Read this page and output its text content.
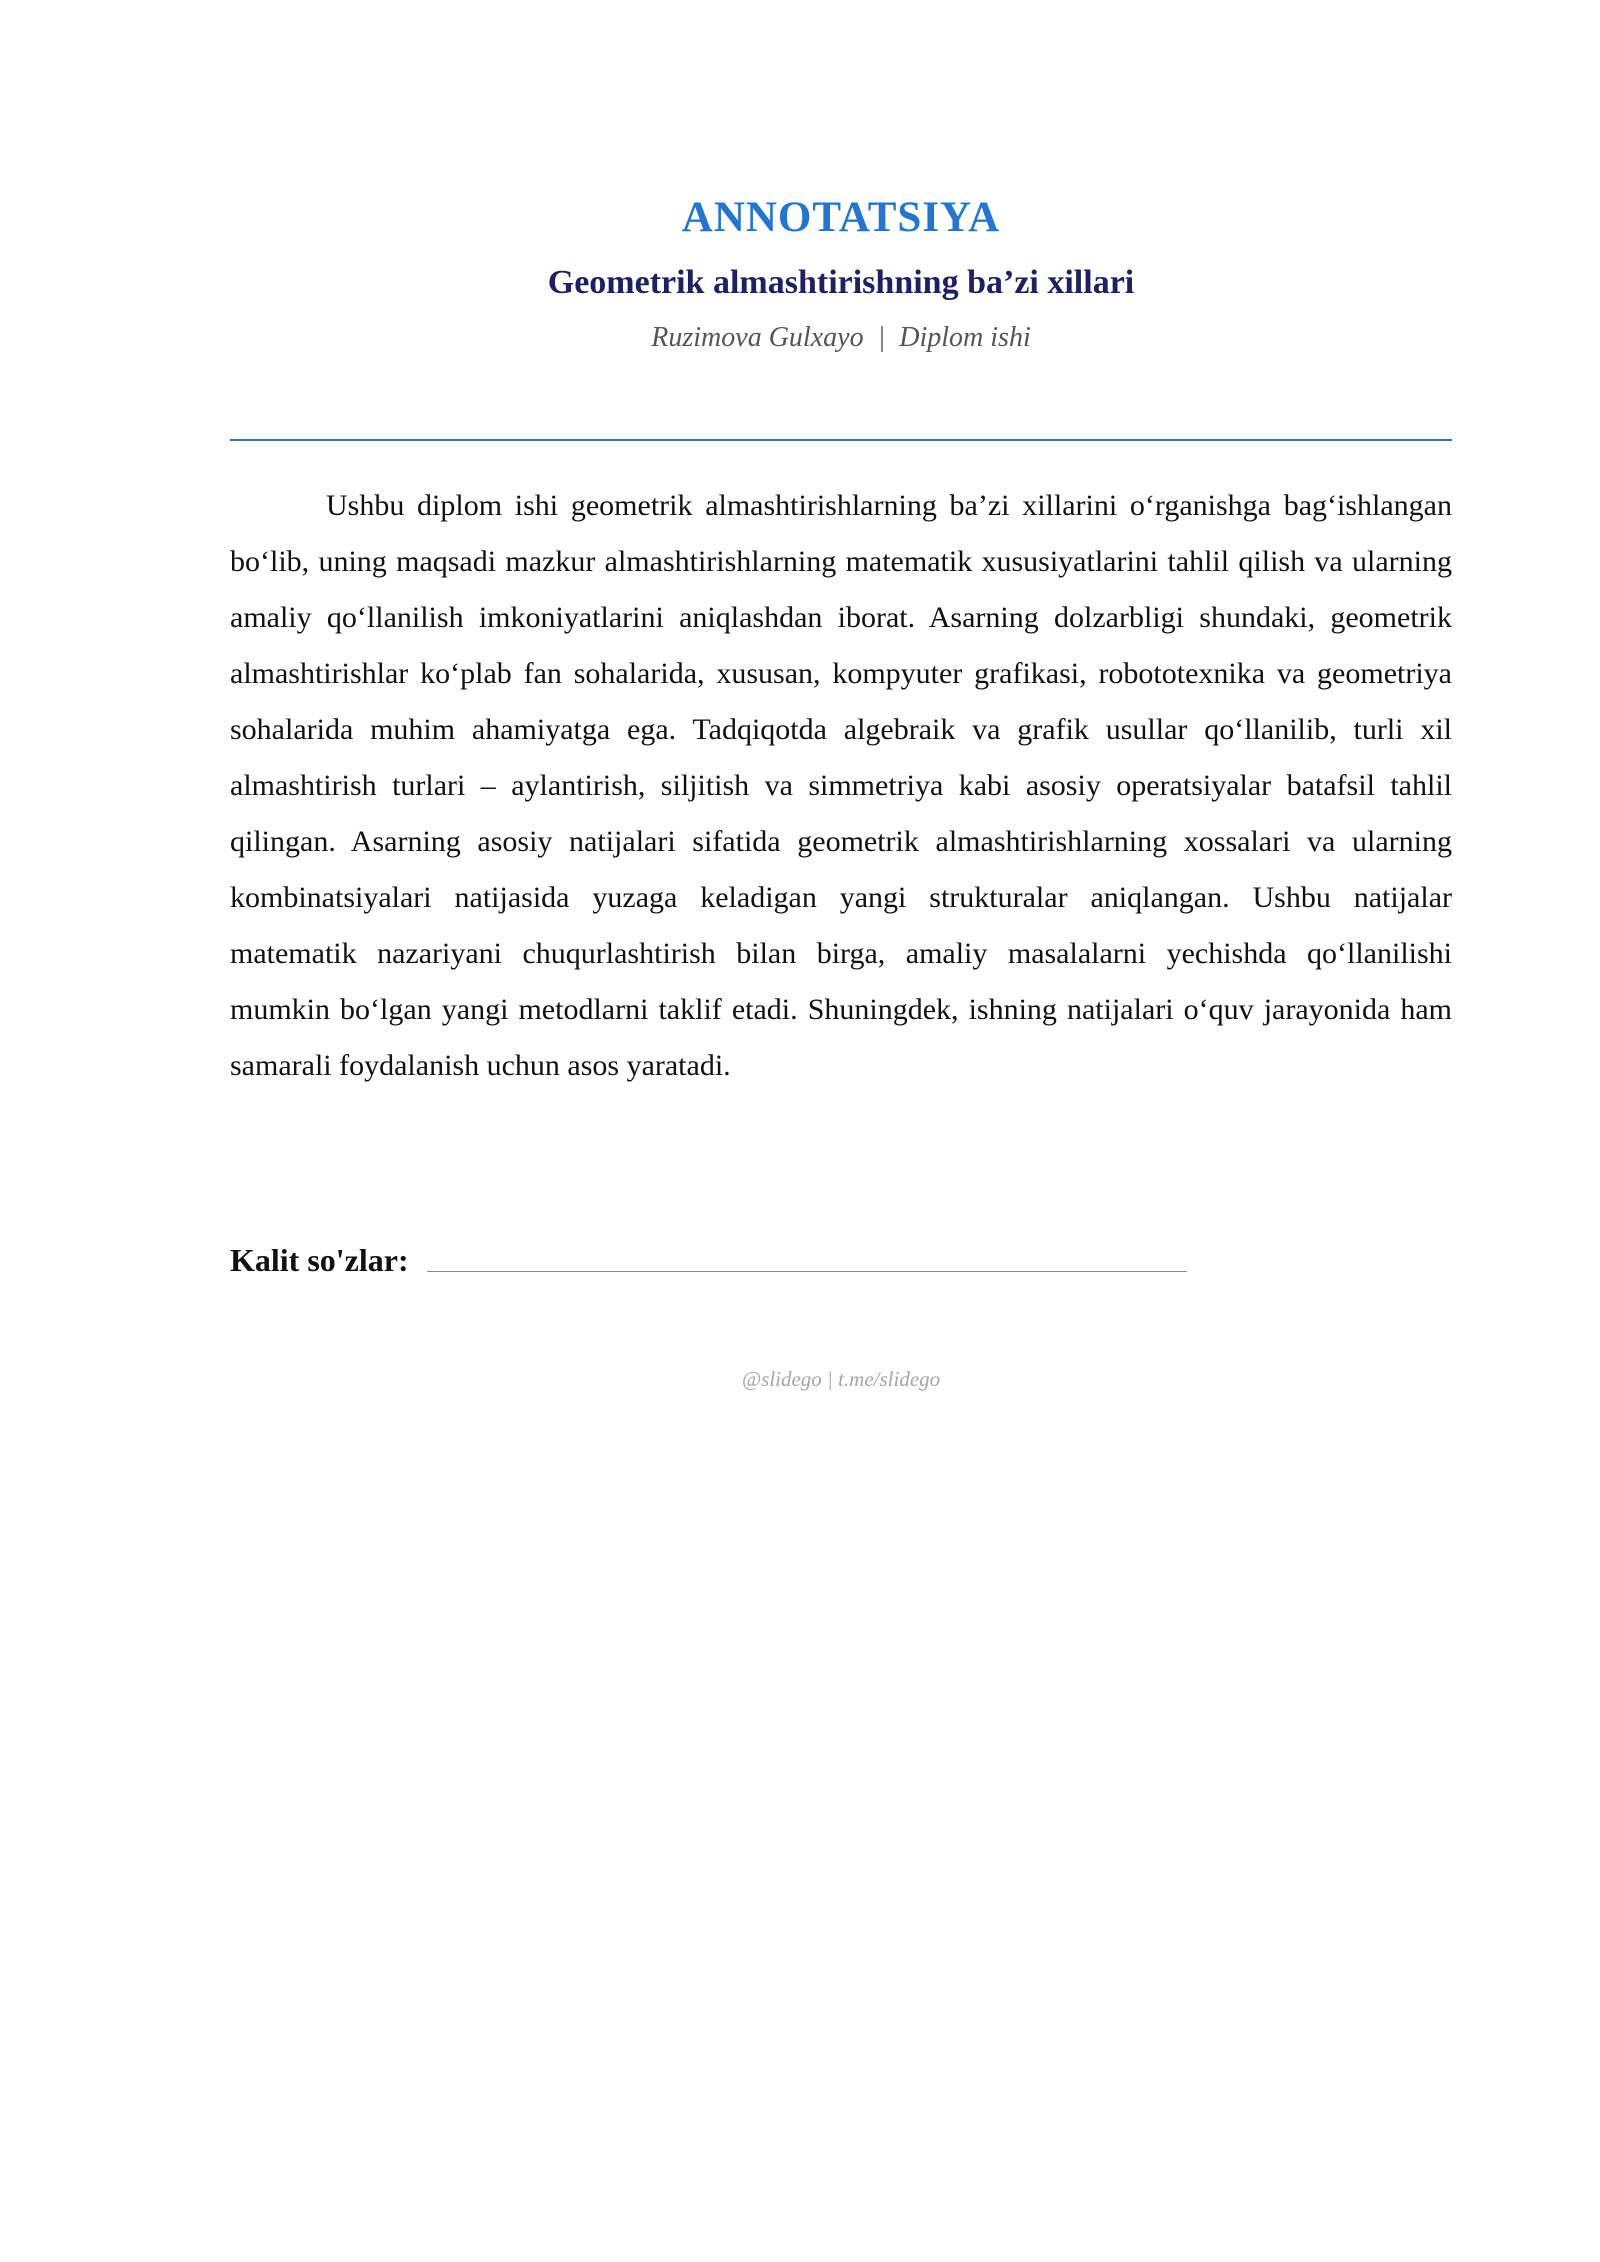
ANNOTATSIYA
Geometrik almashtirishning ba’zi xillari
Ruzimova Gulxayo  |  Diplom ishi

Ushbu diplom ishi geometrik almashtirishlarning ba’zi xillarini o‘rganishga bag‘ishlangan bo‘lib, uning maqsadi mazkur almashtirishlarning matematik xususiyatlarini tahlil qilish va ularning amaliy qo‘llanilish imkoniyatlarini aniqlashdan iborat. Asarning dolzarbligi shundaki, geometrik almashtirishlar ko‘plab fan sohalarida, xususan, kompyuter grafikasi, robototexnika va geometriya sohalarida muhim ahamiyatga ega. Tadqiqotda algebraik va grafik usullar qo‘llanilib, turli xil almashtirish turlari – aylantirish, siljitish va simmetriya kabi asosiy operatsiyalar batafsil tahlil qilingan. Asarning asosiy natijalari sifatida geometrik almashtirishlarning xossalari va ularning kombinatsiyalari natijasida yuzaga keladigan yangi strukturalar aniqlangan. Ushbu natijalar matematik nazariyani chuqurlashtirish bilan birga, amaliy masalalarni yechishda qo‘llanilishi mumkin bo‘lgan yangi metodlarni taklif etadi. Shuningdek, ishning natijalari o‘quv jarayonida ham samarali foydalanish uchun asos yaratadi.

Kalit so'zlar:
@slidego | t.me/slidego
